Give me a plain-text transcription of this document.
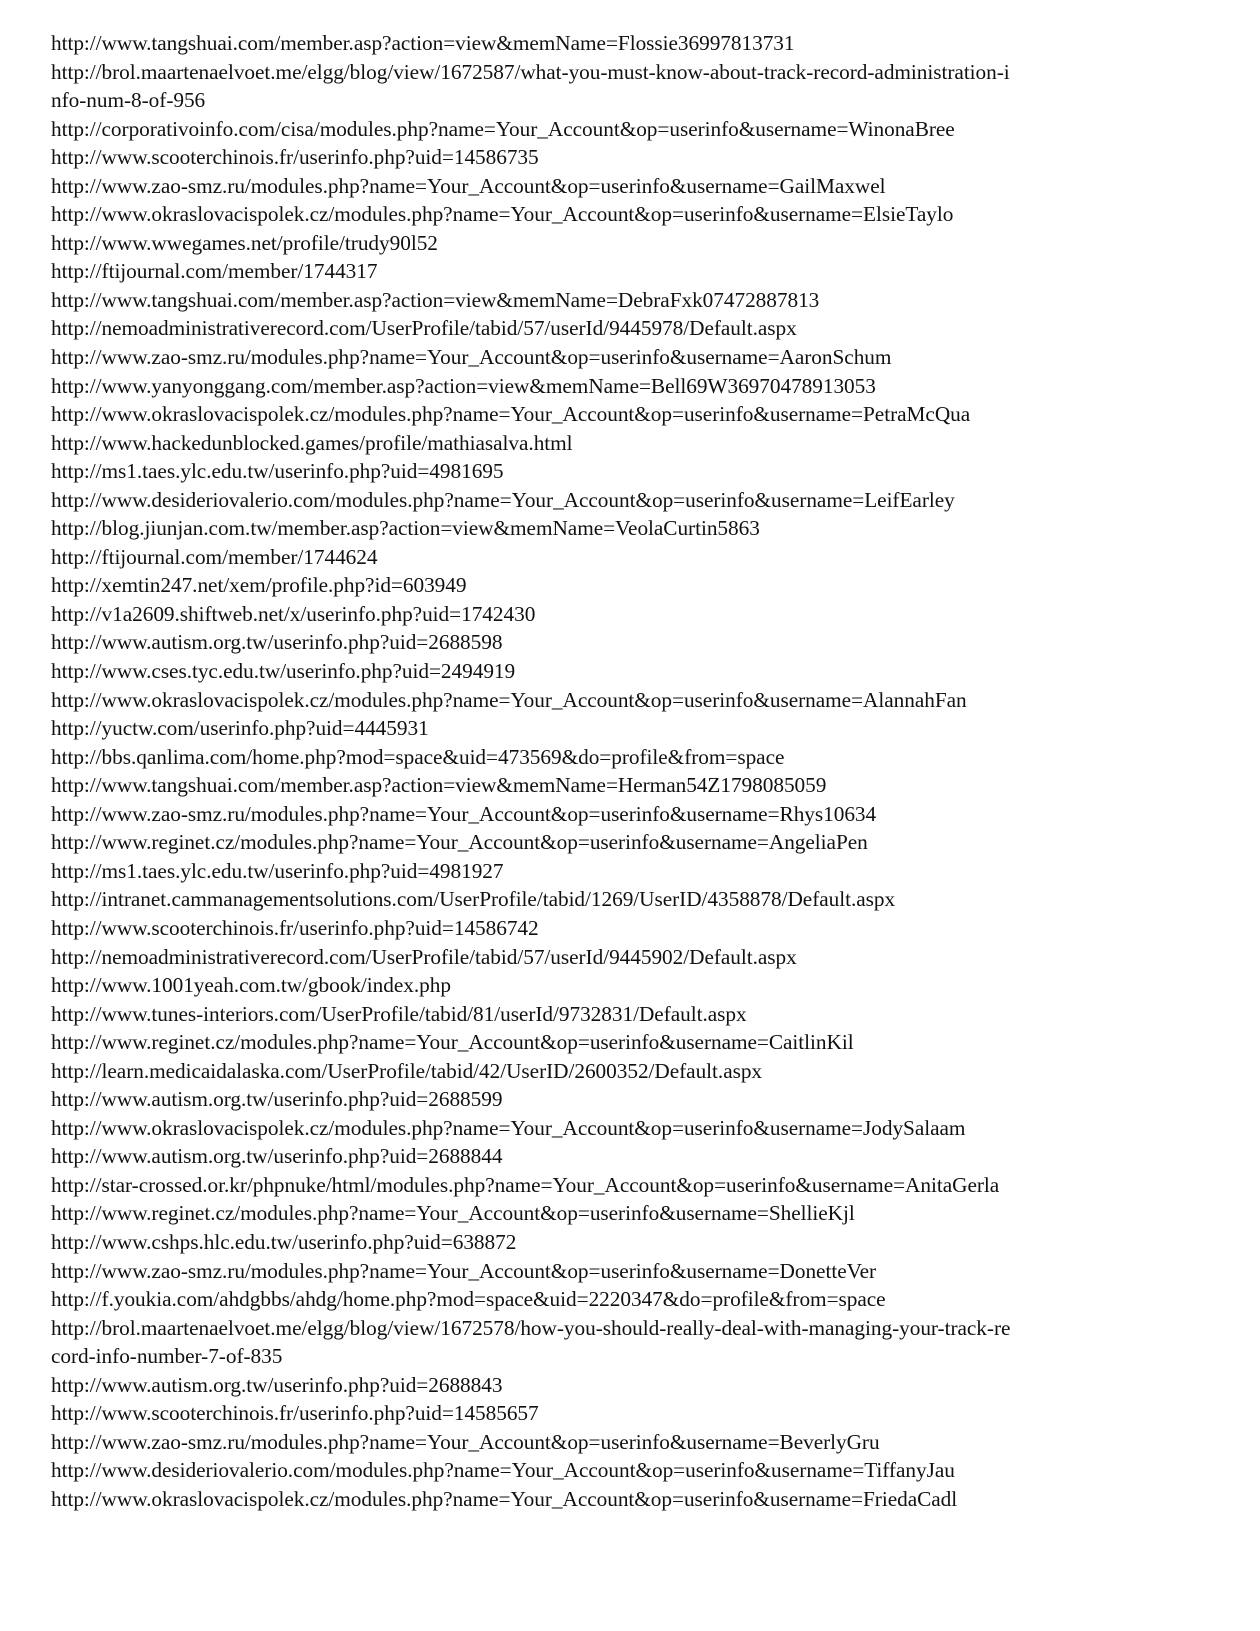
http://www.tangshuai.com/member.asp?action=view&memName=Flossie36997813731
http://brol.maartenaelvoet.me/elgg/blog/view/1672587/what-you-must-know-about-track-record-administration-i
nfo-num-8-of-956
http://corporativoinfo.com/cisa/modules.php?name=Your_Account&op=userinfo&username=WinonaBree
http://www.scooterchinois.fr/userinfo.php?uid=14586735
http://www.zao-smz.ru/modules.php?name=Your_Account&op=userinfo&username=GailMaxwel
http://www.okraslovacispolek.cz/modules.php?name=Your_Account&op=userinfo&username=ElsieTaylo
http://www.wwegames.net/profile/trudy90l52
http://ftijournal.com/member/1744317
http://www.tangshuai.com/member.asp?action=view&memName=DebraFxk07472887813
http://nemoadministrativerecord.com/UserProfile/tabid/57/userId/9445978/Default.aspx
http://www.zao-smz.ru/modules.php?name=Your_Account&op=userinfo&username=AaronSchum
http://www.yanyonggang.com/member.asp?action=view&memName=Bell69W36970478913053
http://www.okraslovacispolek.cz/modules.php?name=Your_Account&op=userinfo&username=PetraMcQua
http://www.hackedunblocked.games/profile/mathiasalva.html
http://ms1.taes.ylc.edu.tw/userinfo.php?uid=4981695
http://www.desideriovalerio.com/modules.php?name=Your_Account&op=userinfo&username=LeifEarley
http://blog.jiunjan.com.tw/member.asp?action=view&memName=VeolaCurtin5863
http://ftijournal.com/member/1744624
http://xemtin247.net/xem/profile.php?id=603949
http://v1a2609.shiftweb.net/x/userinfo.php?uid=1742430
http://www.autism.org.tw/userinfo.php?uid=2688598
http://www.cses.tyc.edu.tw/userinfo.php?uid=2494919
http://www.okraslovacispolek.cz/modules.php?name=Your_Account&op=userinfo&username=AlannahFan
http://yuctw.com/userinfo.php?uid=4445931
http://bbs.qanlima.com/home.php?mod=space&uid=473569&do=profile&from=space
http://www.tangshuai.com/member.asp?action=view&memName=Herman54Z1798085059
http://www.zao-smz.ru/modules.php?name=Your_Account&op=userinfo&username=Rhys10634
http://www.reginet.cz/modules.php?name=Your_Account&op=userinfo&username=AngeliaPen
http://ms1.taes.ylc.edu.tw/userinfo.php?uid=4981927
http://intranet.cammanagementsolutions.com/UserProfile/tabid/1269/UserID/4358878/Default.aspx
http://www.scooterchinois.fr/userinfo.php?uid=14586742
http://nemoadministrativerecord.com/UserProfile/tabid/57/userId/9445902/Default.aspx
http://www.1001yeah.com.tw/gbook/index.php
http://www.tunes-interiors.com/UserProfile/tabid/81/userId/9732831/Default.aspx
http://www.reginet.cz/modules.php?name=Your_Account&op=userinfo&username=CaitlinKil
http://learn.medicaidalaska.com/UserProfile/tabid/42/UserID/2600352/Default.aspx
http://www.autism.org.tw/userinfo.php?uid=2688599
http://www.okraslovacispolek.cz/modules.php?name=Your_Account&op=userinfo&username=JodySalaam
http://www.autism.org.tw/userinfo.php?uid=2688844
http://star-crossed.or.kr/phpnuke/html/modules.php?name=Your_Account&op=userinfo&username=AnitaGerla
http://www.reginet.cz/modules.php?name=Your_Account&op=userinfo&username=ShellieKjl
http://www.cshps.hlc.edu.tw/userinfo.php?uid=638872
http://www.zao-smz.ru/modules.php?name=Your_Account&op=userinfo&username=DonetteVer
http://f.youkia.com/ahdgbbs/ahdg/home.php?mod=space&uid=2220347&do=profile&from=space
http://brol.maartenaelvoet.me/elgg/blog/view/1672578/how-you-should-really-deal-with-managing-your-track-re
cord-info-number-7-of-835
http://www.autism.org.tw/userinfo.php?uid=2688843
http://www.scooterchinois.fr/userinfo.php?uid=14585657
http://www.zao-smz.ru/modules.php?name=Your_Account&op=userinfo&username=BeverlyGru
http://www.desideriovalerio.com/modules.php?name=Your_Account&op=userinfo&username=TiffanyJau
http://www.okraslovacispolek.cz/modules.php?name=Your_Account&op=userinfo&username=FriedaCadl
